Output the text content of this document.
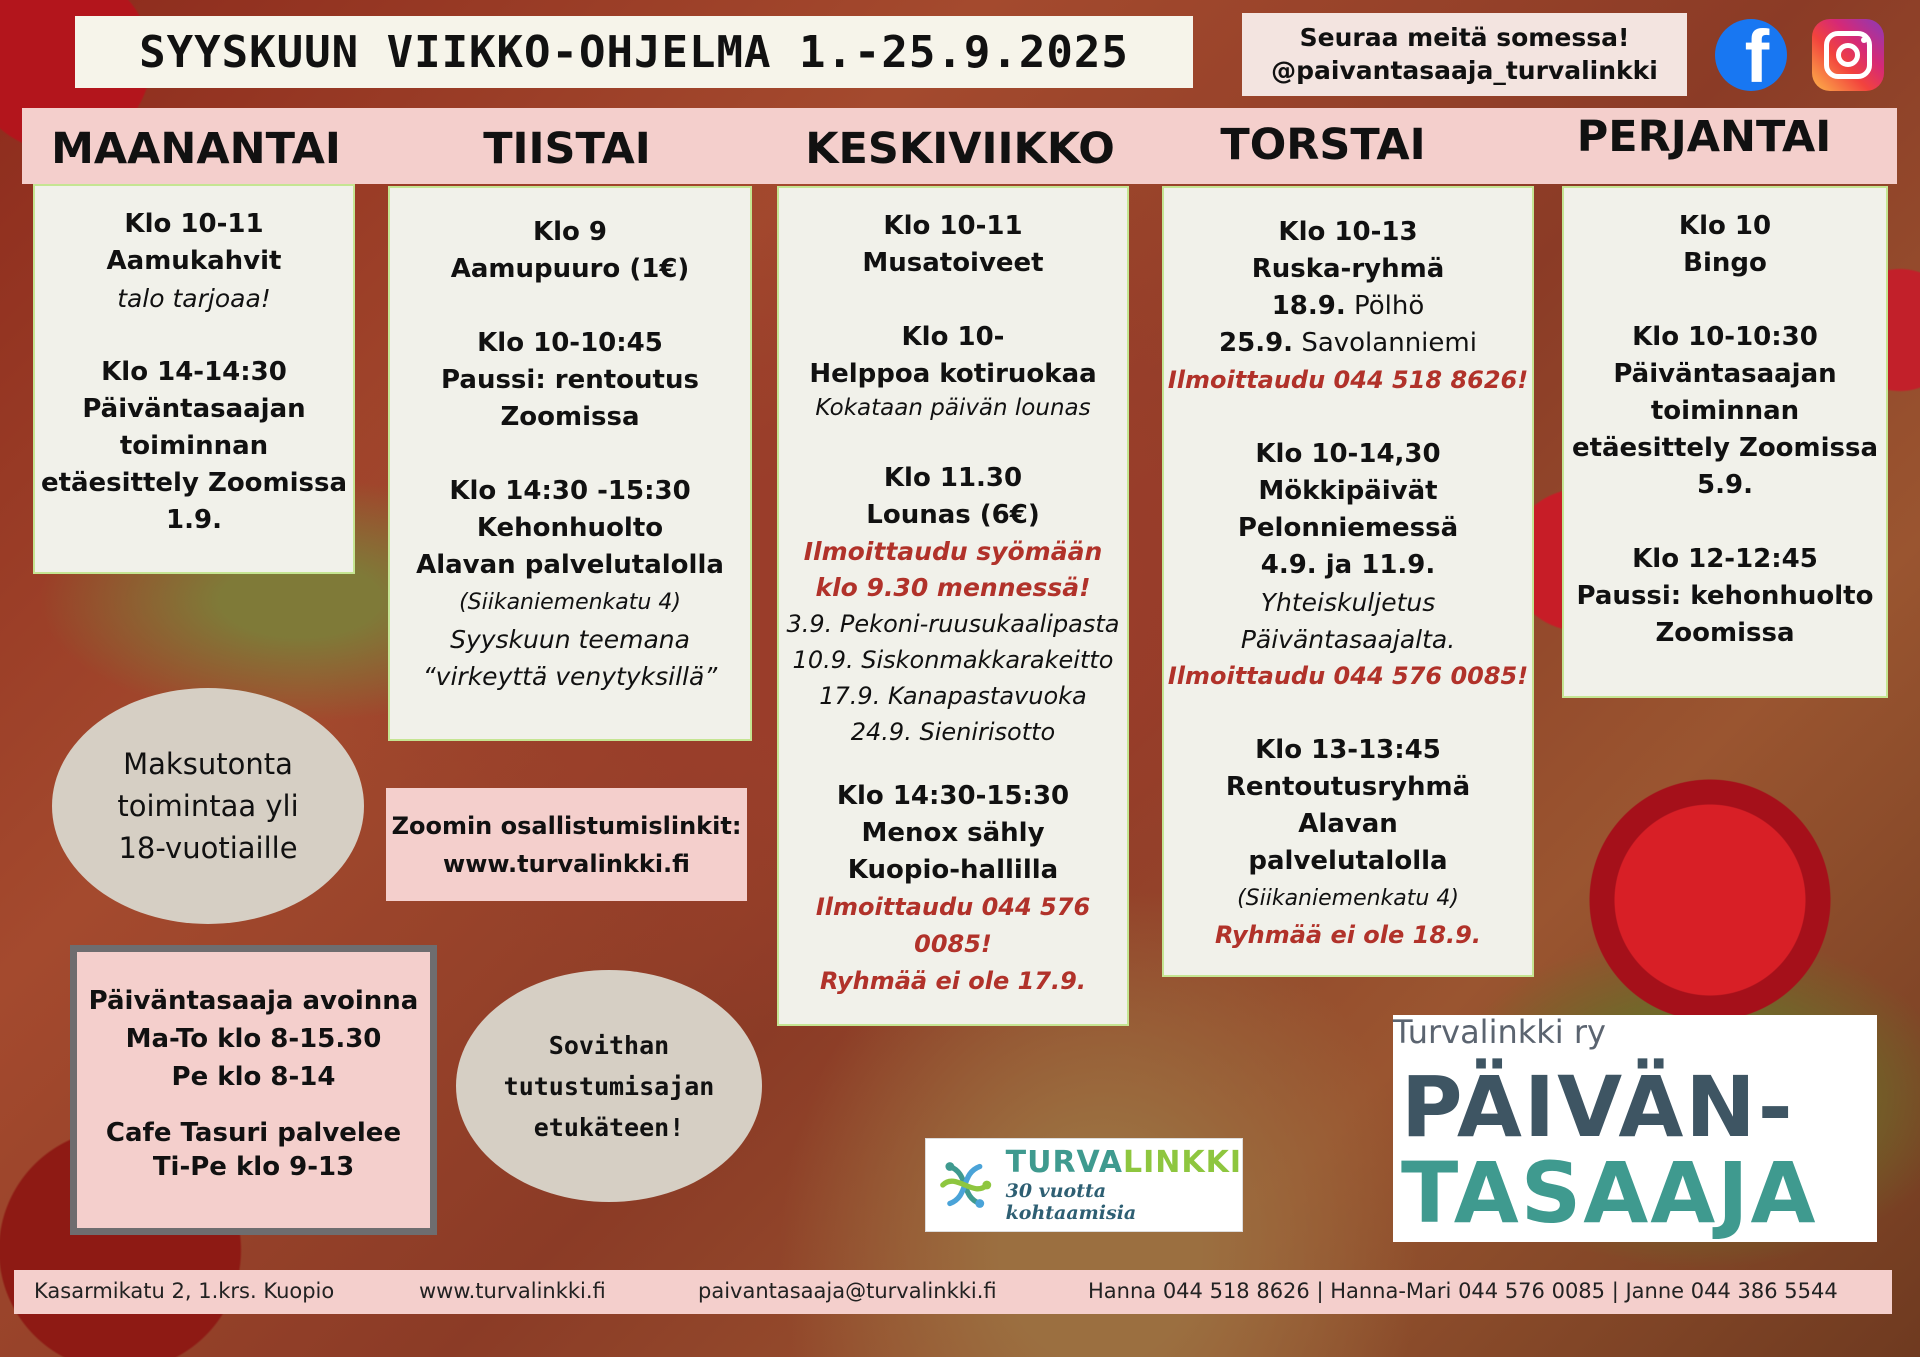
SYYSKUUN VIIKKO-OHJELMA 1.-25.9.2025	Seuraa meitä somessa!
@paivantasaaja_turvalinkki f
MAANANTAI	TIISTAI	KESKIVIIKKO	TORSTAI	PERJANTAI
Klo 10-11
Aamukahvit
talo tarjoaa!
Klo 14-14:30
Päiväntasaajan
toiminnan
etäesittely Zoomissa
1.9.
Klo 9
Aamupuuro (1€)
Klo 10-10:45
Paussi: rentoutus
Zoomissa
Klo 14:30 -15:30
Kehonhuolto
Alavan palvelutalolla
(Siikaniemenkatu 4)
Syyskuun teemana
“virkeyttä venytyksillä”
Klo 10-11
Musatoiveet
Klo 10-
Helppoa kotiruokaa
Kokataan päivän lounas
Klo 11.30
Lounas (6€)
Ilmoittaudu syömään
klo 9.30 mennessä!
3.9. Pekoni-ruusukaalipasta
10.9. Siskonmakkarakeitto
17.9. Kanapastavuoka
24.9. Sienirisotto
Klo 14:30-15:30
Menox sähly
Kuopio-hallilla
Ilmoittaudu 044 576 0085!
Ryhmää ei ole 17.9.
Klo 10-13
Ruska-ryhmä
18.9. Pölhö
25.9. Savolanniemi
Ilmoittaudu 044 518 8626!
Klo 10-14,30
Mökkipäivät
Pelonniemessä
4.9. ja 11.9.
Yhteiskuljetus
Päiväntasaajalta.
Ilmoittaudu 044 576 0085!
Klo 13-13:45
Rentoutusryhmä
Alavan
palvelutalolla
(Siikaniemenkatu 4)
Ryhmää ei ole 18.9.
Klo 10
Bingo
Klo 10-10:30
Päiväntasaajan
toiminnan
etäesittely Zoomissa
5.9.
Klo 12-12:45
Paussi: kehonhuolto
Zoomissa
Maksutonta
toimintaa yli
18-vuotiaille
Zoomin osallistumislinkit:
www.turvalinkki.fi
Päiväntasaaja avoinna
Ma-To klo 8-15.30
Pe klo 8-14
Cafe Tasuri palvelee
Ti-Pe klo 9-13
Sovithan
tutustumisajan
etukäteen!
TURVALINKKI
30 vuotta kohtaamisia
Turvalinkki ry
PÄIVÄN-
TASAAJA
Kasarmikatu 2, 1.krs. Kuopio	www.turvalinkki.fi	paivantasaaja@turvalinkki.fi	Hanna 044 518 8626 | Hanna-Mari 044 576 0085 | Janne 044 386 5544
